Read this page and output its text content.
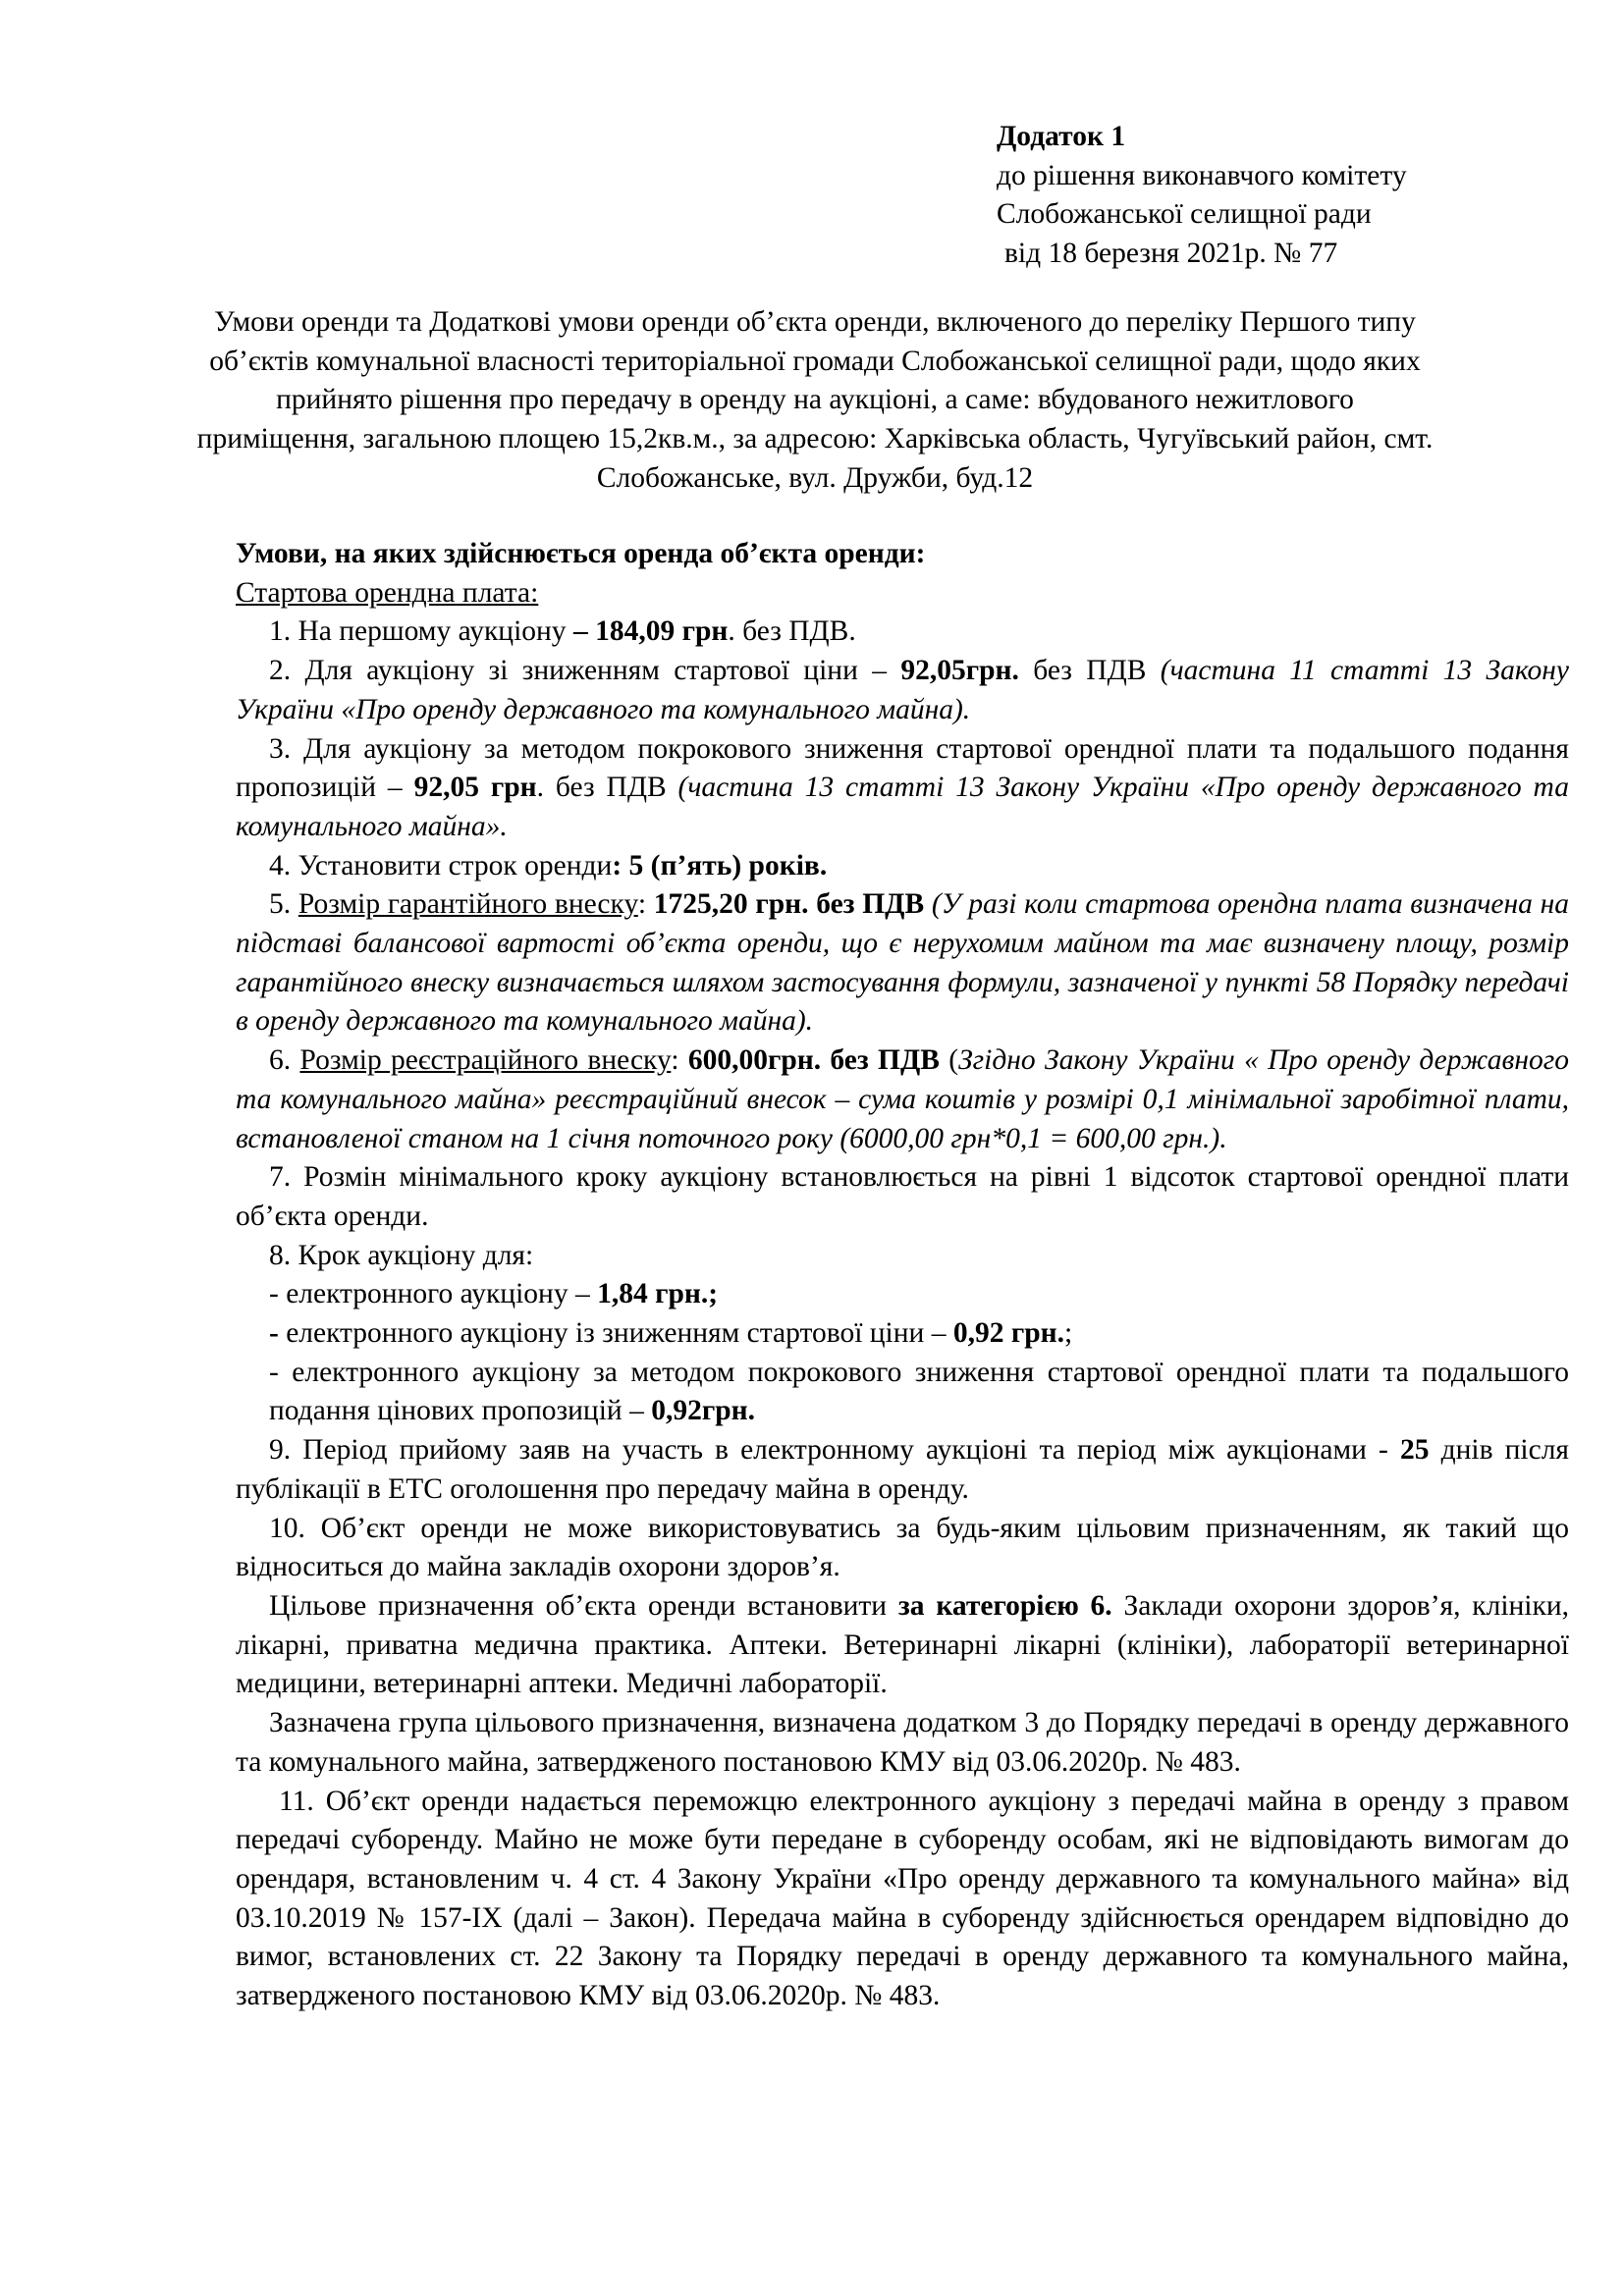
Додаток 1
до рішення виконавчого комітету
Слобожанської селищної ради
від 18 березня 2021р. № 77
Умови оренди та Додаткові умови оренди об’єкта оренди, включеного до переліку Першого типу об’єктів комунальної власності територіальної громади Слобожанської селищної ради, щодо яких прийнято рішення про передачу в оренду на аукціоні, а саме: вбудованого нежитлового приміщення, загальною площею 15,2кв.м., за адресою: Харківська область, Чугуївський район, смт. Слобожанське, вул. Дружби, буд.12

Умови, на яких здійснюється оренда об’єкта оренди:

Стартова орендна плата:

1. На першому аукціону – 184,09 грн. без ПДВ.

2. Для аукціону зі зниженням стартової ціни – 92,05грн. без ПДВ (частина 11 статті 13 Закону України «Про оренду державного та комунального майна).

3. Для аукціону за методом покрокового зниження стартової орендної плати та подальшого подання пропозицій – 92,05 грн. без ПДВ (частина 13 статті 13 Закону України «Про оренду державного та комунального майна».

4. Установити строк оренди: 5 (п’ять) років.

5. Розмір гарантійного внеску: 1725,20 грн. без ПДВ (У разі коли стартова орендна плата визначена на підставі балансової вартості об’єкта оренди, що є нерухомим майном та має визначену площу, розмір гарантійного внеску визначається шляхом застосування формули, зазначеної у пункті 58 Порядку передачі в оренду державного та комунального майна).

6. Розмір реєстраційного внеску: 600,00грн. без ПДВ (Згідно Закону України « Про оренду державного та комунального майна» реєстраційний внесок – сума коштів у розмірі 0,1 мінімальної заробітної плати, встановленої станом на 1 січня поточного року (6000,00 грн*0,1 = 600,00 грн.).

7. Розмін мінімального кроку аукціону встановлюється на рівні 1 відсоток стартової орендної плати об’єкта оренди.

8. Крок аукціону для:

- електронного аукціону – 1,84 грн.;

- електронного аукціону із зниженням стартової ціни – 0,92 грн.;

- електронного аукціону за методом покрокового зниження стартової орендної плати та подальшого подання цінових пропозицій – 0,92грн.

9. Період прийому заяв на участь в електронному аукціоні та період між аукціонами - 25 днів після публікації в ЕТС оголошення про передачу майна в оренду.

10. Об’єкт оренди не може використовуватись за будь-яким цільовим призначенням, як такий що відноситься до майна закладів охорони здоров’я.

Цільове призначення об’єкта оренди встановити за категорією 6. Заклади охорони здоров’я, клініки, лікарні, приватна медична практика. Аптеки. Ветеринарні лікарні (клініки), лабораторії ветеринарної медицини, ветеринарні аптеки. Медичні лабораторії.

Зазначена група цільового призначення, визначена додатком 3 до Порядку передачі в оренду державного та комунального майна, затвердженого постановою КМУ від 03.06.2020р. № 483.

11. Об’єкт оренди надається переможцю електронного аукціону з передачі майна в оренду з правом передачі суборенду. Майно не може бути передане в суборенду особам, які не відповідають вимогам до орендаря, встановленим ч. 4 ст. 4 Закону України «Про оренду державного та комунального майна» від 03.10.2019 № 157-IX (далі – Закон). Передача майна в суборенду здійснюється орендарем відповідно до вимог, встановлених ст. 22 Закону та Порядку передачі в оренду державного та комунального майна, затвердженого постановою КМУ від 03.06.2020р. № 483.
